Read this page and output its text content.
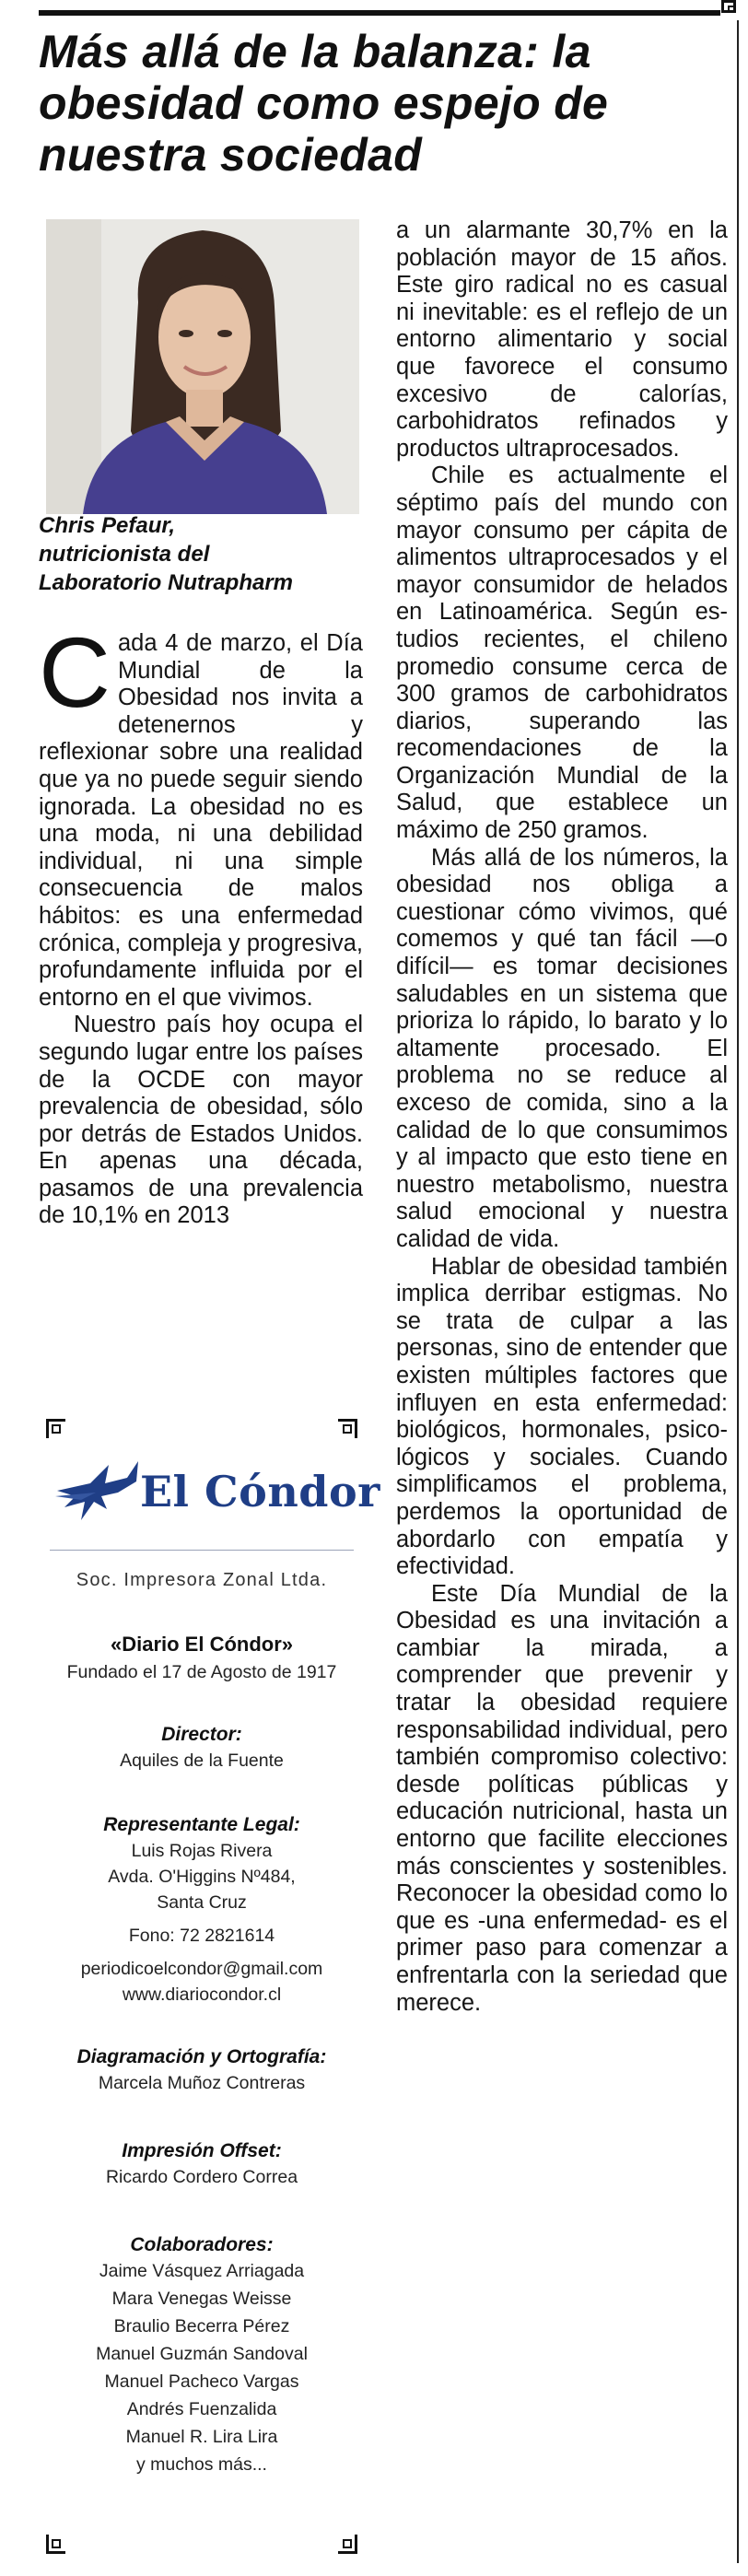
Más allá de la balanza: la obesidad como espejo de nuestra sociedad
Chris Pefaur,
nutricionista del
Laboratorio Nutrapharm

Cada 4 de marzo, el Día Mundial de la Obesidad nos invita a detenernos y reflexionar sobre una realidad que ya no puede seguir siendo ignorada. La obesidad no es una moda, ni una debilidad individual, ni una simple consecuencia de malos hábitos: es una enfermedad crónica, compleja y progresiva, profundamente influida por el entorno en el que vivimos.

Nuestro país hoy ocupa el segundo lugar entre los países de la OCDE con mayor prevalencia de obesidad, sólo por detrás de Estados Unidos. En apenas una década, pasamos de una prevalencia de 10,1% en 2013

a un alarmante 30,7% en la población mayor de 15 años. Este giro radical no es casual ni inevitable: es el reflejo de un entorno alimentario y social que favorece el consumo excesivo de calorías, carbohidratos refinados y productos ultraprocesados.

Chile es actualmente el séptimo país del mundo con mayor consumo per cápita de alimentos ultraprocesados y el mayor consumidor de helados en Latinoamérica. Según estudios recientes, el chileno promedio consume cerca de 300 gramos de carbohidratos diarios, superando las recomendaciones de la Organización Mundial de la Salud, que establece un máximo de 250 gramos.

Más allá de los números, la obesidad nos obliga a cuestionar cómo vivimos, qué comemos y qué tan fácil —o difícil— es tomar decisiones saludables en un sistema que prioriza lo rápido, lo barato y lo altamente procesado. El problema no se reduce al exceso de comida, sino a la calidad de lo que consumimos y al impacto que esto tiene en nuestro metabolismo, nuestra salud emocional y nuestra calidad de vida.

Hablar de obesidad también implica derribar estigmas. No se trata de culpar a las personas, sino de entender que existen múltiples factores que influyen en esta enfermedad: biológicos, hormonales, psicológicos y sociales. Cuando simplificamos el problema, perdemos la oportunidad de abordarlo con empatía y efectividad.

Este Día Mundial de la Obesidad es una invitación a cambiar la mirada, a comprender que prevenir y tratar la obesidad requiere responsabilidad individual, pero también compromiso colectivo: desde políticas públicas y educación nutricional, hasta un entorno que facilite elecciones más conscientes y sostenibles. Reconocer la obesidad como lo que es -una enfermedad- es el primer paso para comenzar a enfrentarla con la seriedad que merece.

El Cóndor
Soc. Impresora Zonal Ltda.
«Diario El Cóndor»
Fundado el 17 de Agosto de 1917
Director:
Aquiles de la Fuente
Representante Legal:
Luis Rojas Rivera
Avda. O'Higgins Nº484,
Santa Cruz
Fono: 72 2821614
periodicoelcondor@gmail.com
www.diariocondor.cl
Diagramación y Ortografía:
Marcela Muñoz Contreras
Impresión Offset:
Ricardo Cordero Correa
Colaboradores:
Jaime Vásquez Arriagada
Mara Venegas Weisse
Braulio Becerra Pérez
Manuel Guzmán Sandoval
Manuel Pacheco Vargas
Andrés Fuenzalida
Manuel R. Lira Lira
y muchos más...
